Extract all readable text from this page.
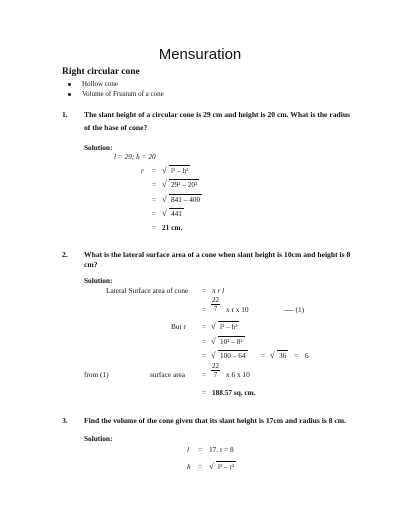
Mensuration
Right circular cone
Hollow cone
Volume of Frustum of a cone
1. The slant height of a circular cone is 29 cm and height is 20 cm. What is the radius
of the base of cone?
Solution:
l = 29; h = 20
r =	√ l² – h²
=	√ 29² – 20²
=	√ 841 – 400
=	√ 441
= 21 cm.
2. What is the lateral surface area of a cone when slant height is 10cm and height is 8
cm?
Solution:
Lateral Surface area of cone = π r l
= $\frac{22}{7}$ x r x 10	---- (1)
But r =	√ l² – h²
=	√ 10² – 8²
=	√ 100 – 64 =	√ 36 = 6
from (1)	surface area = $\frac{22}{7}$ x 6 x 10
= 188.57 sq. cm.
3. Find the volume of the cone given that its slant height is 17cm and radius is 8 cm.
Solution:
l = 17. r = 8
h =	√ l² – r²
